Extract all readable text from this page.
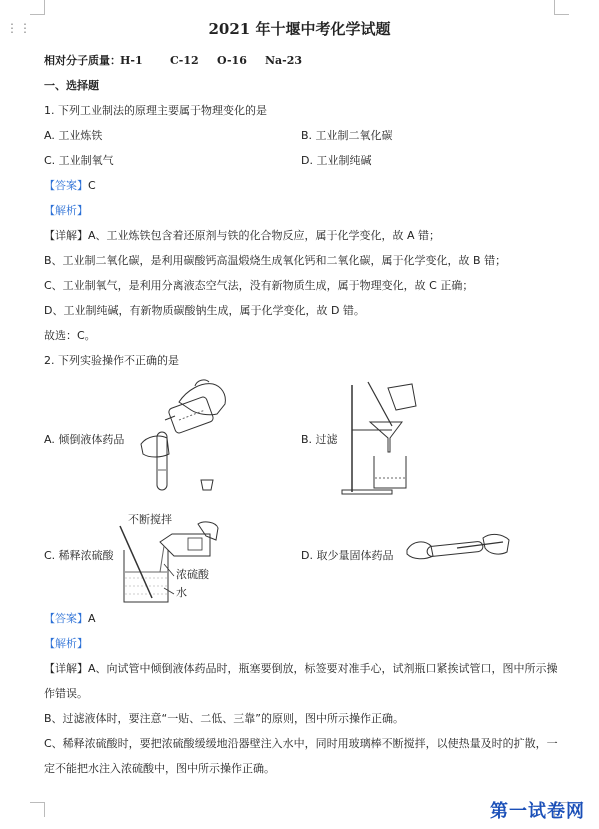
⋮⋮	2021 年十堰中考化学试题
相对分子质量： H-1 C-12 O-16 Na-23
一、选择题
1. 下列工业制法的原理主要属于物理变化的是
A. 工业炼铁	B. 工业制二氧化碳
C. 工业制氧气	D. 工业制纯碱
【答案】C
【解析】
【详解】A、工业炼铁包含着还原剂与铁的化合物反应，属于化学变化，故 A 错；
B、工业制二氧化碳，是利用碳酸钙高温煅烧生成氧化钙和二氧化碳，属于化学变化，故 B 错；
C、工业制氧气，是利用分离液态空气法，没有新物质生成，属于物理变化，故 C 正确；
D、工业制纯碱，有新物质碳酸钠生成，属于化学变化，故 D 错。
故选：C。
2. 下列实验操作不正确的是
A. 倾倒液体药品	B. 过滤
不断搅拌
浓硫酸
水
C. 稀释浓硫酸	D. 取少量固体药品
【答案】A
【解析】
【详解】A、向试管中倾倒液体药品时，瓶塞要倒放，标签要对准手心，试剂瓶口紧挨试管口，图中所示操
作错误。
B、过滤液体时，要注意“一贴、二低、三靠”的原则，图中所示操作正确。
C、稀释浓硫酸时，要把浓硫酸缓缓地沿器壁注入水中，同时用玻璃棒不断搅拌，以使热量及时的扩散，一
定不能把水注入浓硫酸中，图中所示操作正确。
第一试卷网
